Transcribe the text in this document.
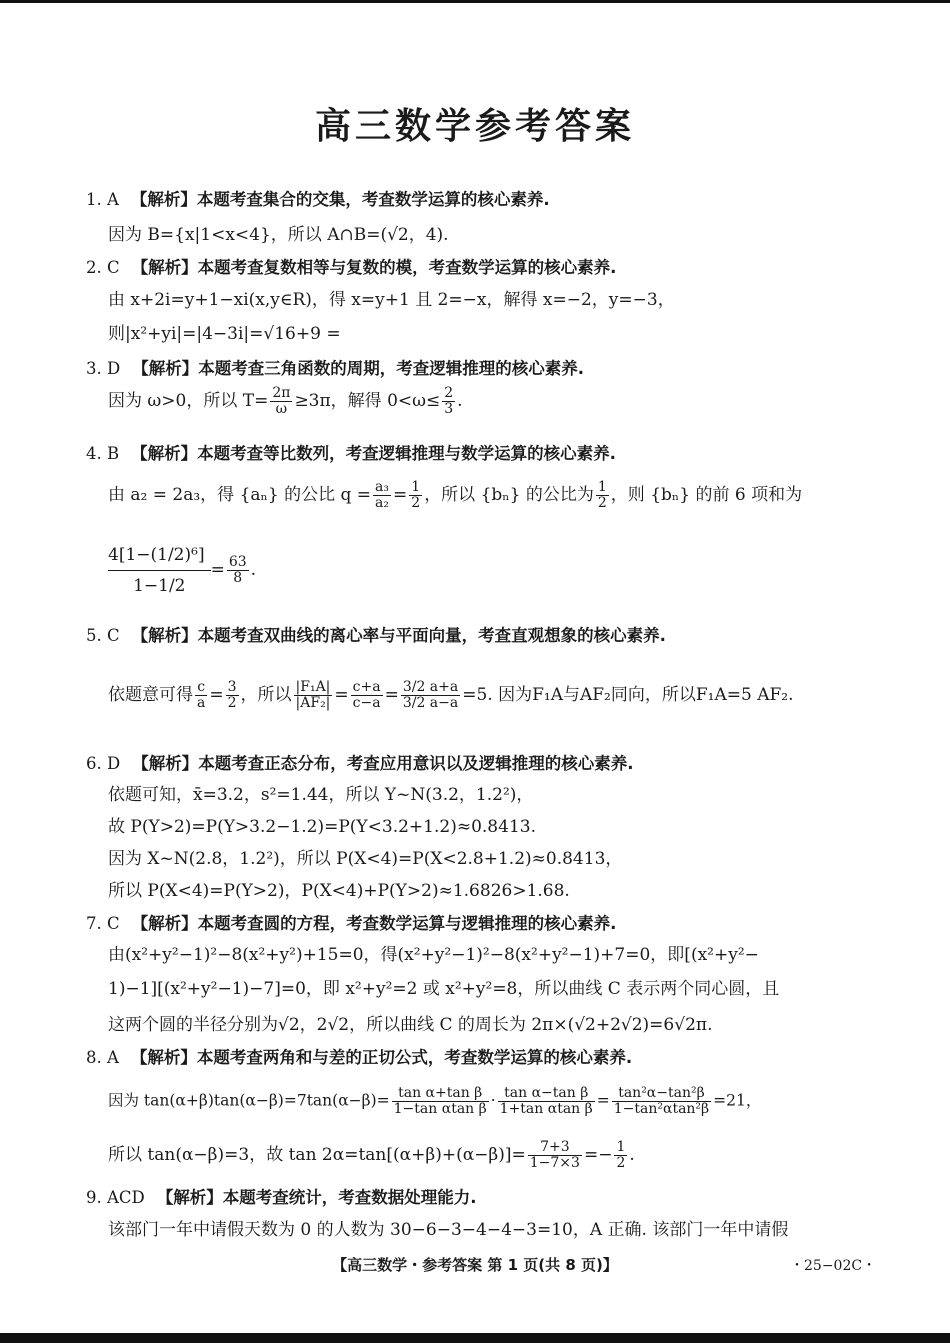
高三数学参考答案
1. A 【解析】本题考查集合的交集，考查数学运算的核心素养.
因为 B={x|1<x<4}，所以 A∩B=(√2，4).
2. C 【解析】本题考查复数相等与复数的模，考查数学运算的核心素养.
由 x+2i=y+1−xi(x,y∈R)，得 x=y+1 且 2=−x，解得 x=−2，y=−3，
则|x²+yi|=|4−3i|=√16+9 =
3. D 【解析】本题考查三角函数的周期，考查逻辑推理的核心素养.
因为 ω>0，所以 $T= \frac{2\pi}{\omega} \ge 3\pi$，解得 $0<\omega\le \frac{2}{3}$ .
4. B 【解析】本题考查等比数列，考查逻辑推理与数学运算的核心素养.
由 a₂ = 2a₃，得 {aₙ} 的公比 $q = \frac{\text{a₃}}{\text{a₂}} = \frac{1}{2}$ ，所以 {bₙ} 的公比为 $\frac{1}{2}$ ，则 {bₙ} 的前 6 项和为
$\frac{\text{4[1−(1/2)⁶]}}{1-1/2} = \frac{63}{8}$ .
5. C 【解析】本题考查双曲线的离心率与平面向量，考查直观想象的核心素养.
依题意可得 $\frac{c}{a} = \frac{3}{2}$ ，所以 $\frac{\text{|F₁A|}}{\text{|AF₂|}} = \frac{c+a}{c-a} = \frac{3/2 a+a}{3/2 a-a} =5$. 因为F₁A与AF₂同向，所以F₁A=5 AF₂.
6. D 【解析】本题考查正态分布，考查应用意识以及逻辑推理的核心素养.
依题可知，x̄=3.2，s²=1.44，所以 Y~N(3.2，1.2²)，
故 P(Y>2)=P(Y>3.2−1.2)=P(Y<3.2+1.2)≈0.8413.
因为 X~N(2.8，1.2²)，所以 P(X<4)=P(X<2.8+1.2)≈0.8413，
所以 P(X<4)=P(Y>2)，P(X<4)+P(Y>2)≈1.6826>1.68.
7. C 【解析】本题考查圆的方程，考查数学运算与逻辑推理的核心素养.
由(x²+y²−1)²−8(x²+y²)+15=0，得(x²+y²−1)²−8(x²+y²−1)+7=0，即[(x²+y²−
1)−1][(x²+y²−1)−7]=0，即 x²+y²=2 或 x²+y²=8，所以曲线 C 表示两个同心圆，且
这两个圆的半径分别为√2，2√2，所以曲线 C 的周长为 2π×(√2+2√2)=6√2π.
8. A 【解析】本题考查两角和与差的正切公式，考查数学运算的核心素养.
因为 $\tan(\alpha+\beta)\tan(\alpha-\beta)=7\tan(\alpha-\beta)= \frac{\text{tan α+tan β}}{\text{1−tan αtan β}} \cdot \frac{\text{tan α−tan β}}{\text{1+tan αtan β}} = \frac{\text{tan²α−tan²β}}{\text{1−tan²αtan²β}} =21$，
所以 tan(α−β)=3，故 $\tan 2\alpha=\tan[(\alpha+\beta)+(\alpha-\beta)]= \frac{7+3}{1-7\times 3} =- \frac{1}{2}$ .
9. ACD 【解析】本题考查统计，考查数据处理能力.
该部门一年中请假天数为 0 的人数为 30−6−3−4−4−3=10，A 正确. 该部门一年中请假
【高三数学・参考答案 第 1 页(共 8 页)】	・25−02C・
